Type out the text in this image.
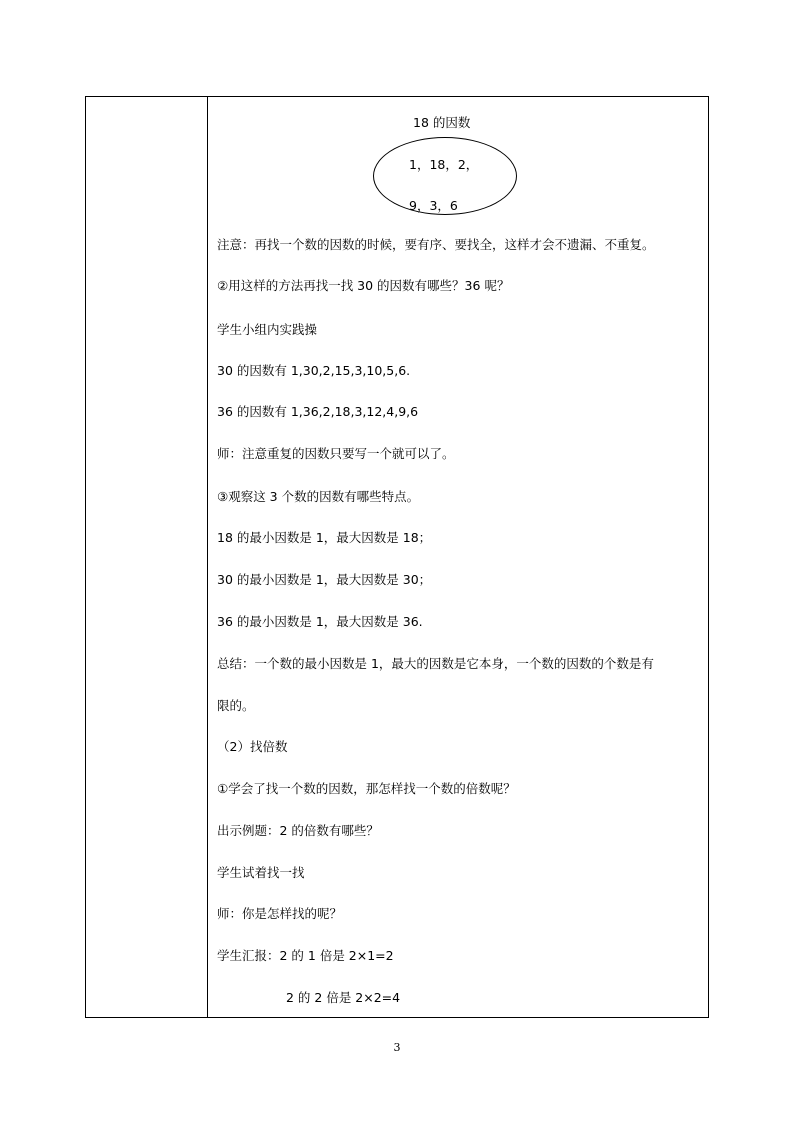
18 的因数
1，18，2，
9，3，6
注意：再找一个数的因数的时候，要有序、要找全，这样才会不遗漏、不重复。
②用这样的方法再找一找 30 的因数有哪些？36 呢？
学生小组内实践操
30 的因数有 1,30,2,15,3,10,5,6.
36 的因数有 1,36,2,18,3,12,4,9,6
师：注意重复的因数只要写一个就可以了。
③观察这 3 个数的因数有哪些特点。
18 的最小因数是 1，最大因数是 18；
30 的最小因数是 1，最大因数是 30；
36 的最小因数是 1，最大因数是 36.
总结：一个数的最小因数是 1，最大的因数是它本身，一个数的因数的个数是有
限的。
（2）找倍数
①学会了找一个数的因数，那怎样找一个数的倍数呢？
出示例题：2 的倍数有哪些？
学生试着找一找
师：你是怎样找的呢？
学生汇报：2 的 1 倍是 2×1=2
2 的 2 倍是 2×2=4
3
